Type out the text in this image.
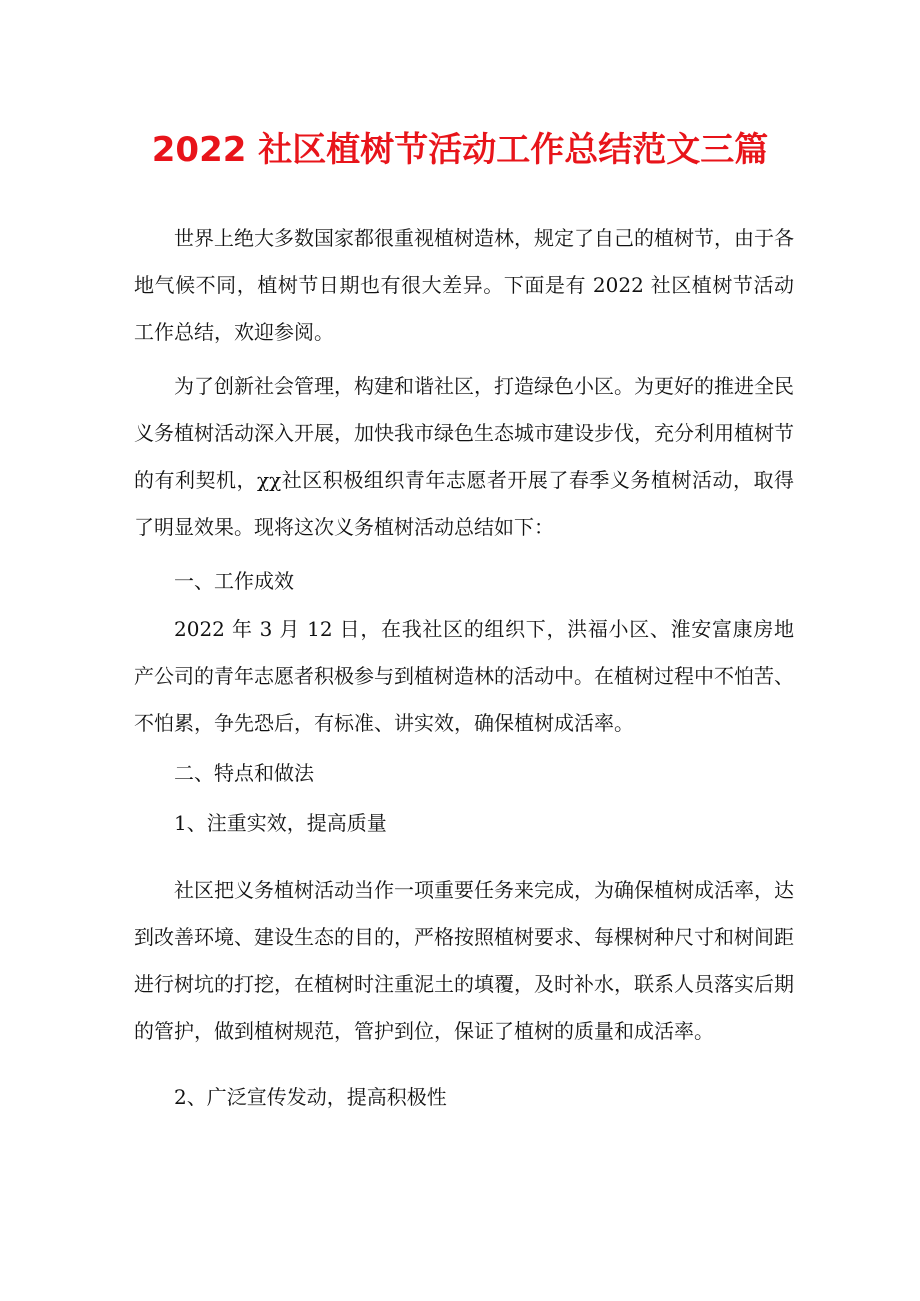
2022 社区植树节活动工作总结范文三篇

世界上绝大多数国家都很重视植树造林，规定了自己的植树节，由于各地气候不同，植树节日期也有很大差异。下面是有 2022 社区植树节活动工作总结，欢迎参阅。

为了创新社会管理，构建和谐社区，打造绿色小区。为更好的推进全民义务植树活动深入开展，加快我市绿色生态城市建设步伐，充分利用植树节的有利契机，χχ社区积极组织青年志愿者开展了春季义务植树活动，取得了明显效果。现将这次义务植树活动总结如下：

一、工作成效

2022 年 3 月 12 日，在我社区的组织下，洪福小区、淮安富康房地产公司的青年志愿者积极参与到植树造林的活动中。在植树过程中不怕苦、不怕累，争先恐后，有标准、讲实效，确保植树成活率。

二、特点和做法

1、注重实效，提高质量

社区把义务植树活动当作一项重要任务来完成，为确保植树成活率，达到改善环境、建设生态的目的，严格按照植树要求、每棵树种尺寸和树间距进行树坑的打挖，在植树时注重泥土的填覆，及时补水，联系人员落实后期的管护，做到植树规范，管护到位，保证了植树的质量和成活率。

2、广泛宣传发动，提高积极性
